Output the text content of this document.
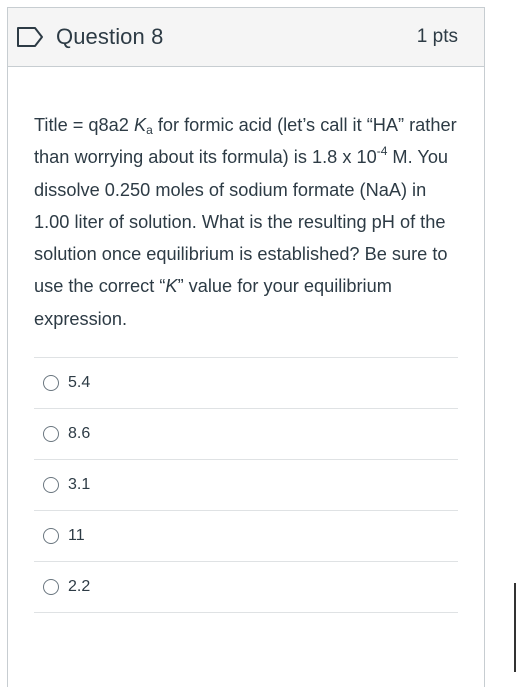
Question 8	1 pts
Title = q8a2 $K_a$ for formic acid (let’s call it “HA” rather than worrying about its formula) is 1.8 x $10^{-4}$ M. You dissolve 0.250 moles of sodium formate (NaA) in 1.00 liter of solution. What is the resulting pH of the solution once equilibrium is established? Be sure to use the correct “K” value for your equilibrium expression.
5.4
8.6
3.1
11
2.2
